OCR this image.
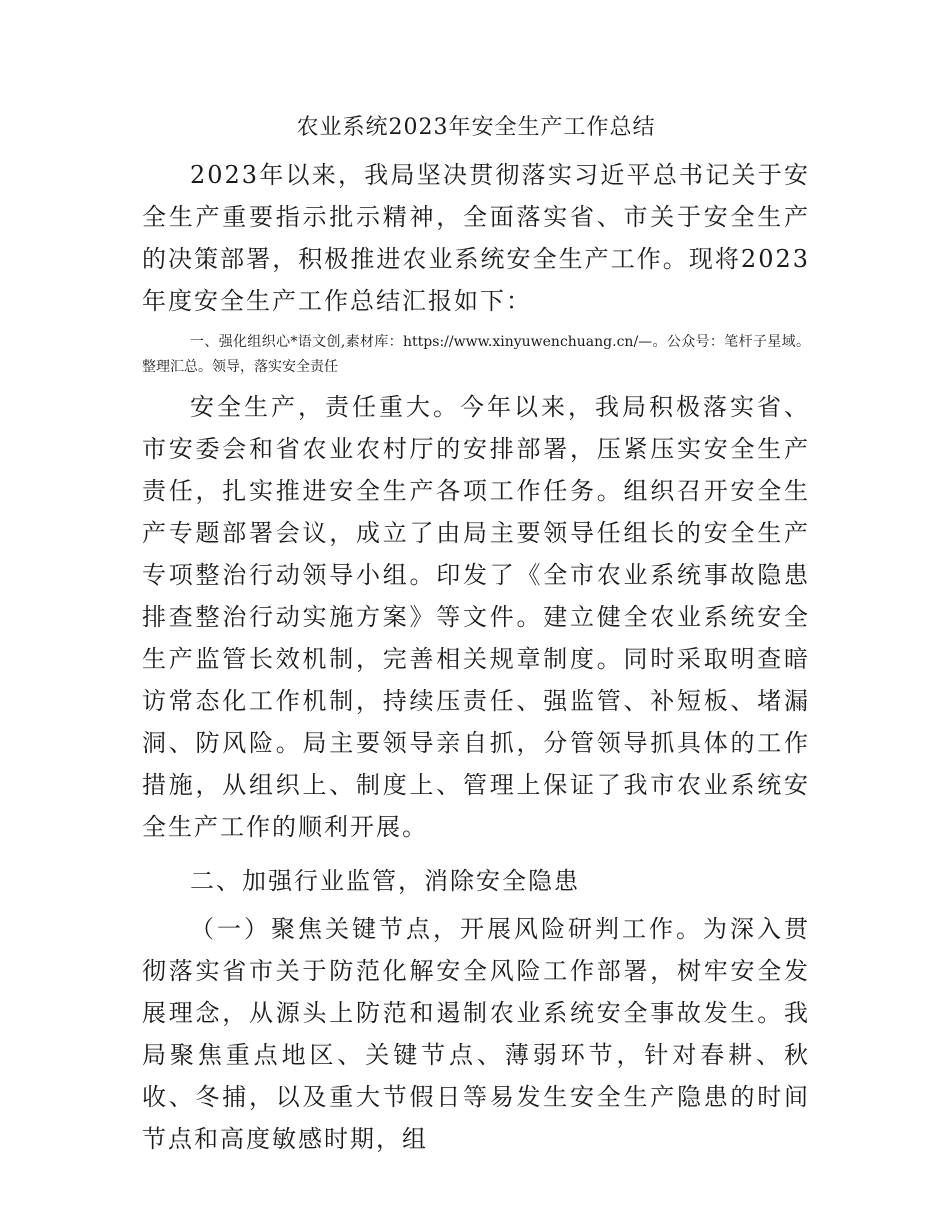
农业系统2023年安全生产工作总结

2023年以来，我局坚决贯彻落实习近平总书记关于安全生产重要指示批示精神，全面落实省、市关于安全生产的决策部署，积极推进农业系统安全生产工作。现将2023年度安全生产工作总结汇报如下：

一、强化组织心*语文创,素材库：https://www.xinyuwenchuang.cn/—。公众号：笔杆子星域。整理汇总。领导，落实安全责任

安全生产，责任重大。今年以来，我局积极落实省、市安委会和省农业农村厅的安排部署，压紧压实安全生产责任，扎实推进安全生产各项工作任务。组织召开安全生产专题部署会议，成立了由局主要领导任组长的安全生产专项整治行动领导小组。印发了《全市农业系统事故隐患排查整治行动实施方案》等文件。建立健全农业系统安全生产监管长效机制，完善相关规章制度。同时采取明查暗访常态化工作机制，持续压责任、强监管、补短板、堵漏洞、防风险。局主要领导亲自抓，分管领导抓具体的工作措施，从组织上、制度上、管理上保证了我市农业系统安全生产工作的顺利开展。

二、加强行业监管，消除安全隐患

（一）聚焦关键节点，开展风险研判工作。为深入贯彻落实省市关于防范化解安全风险工作部署，树牢安全发展理念，从源头上防范和遏制农业系统安全事故发生。我局聚焦重点地区、关键节点、薄弱环节，针对春耕、秋收、冬捕，以及重大节假日等易发生安全生产隐患的时间节点和高度敏感时期，组
